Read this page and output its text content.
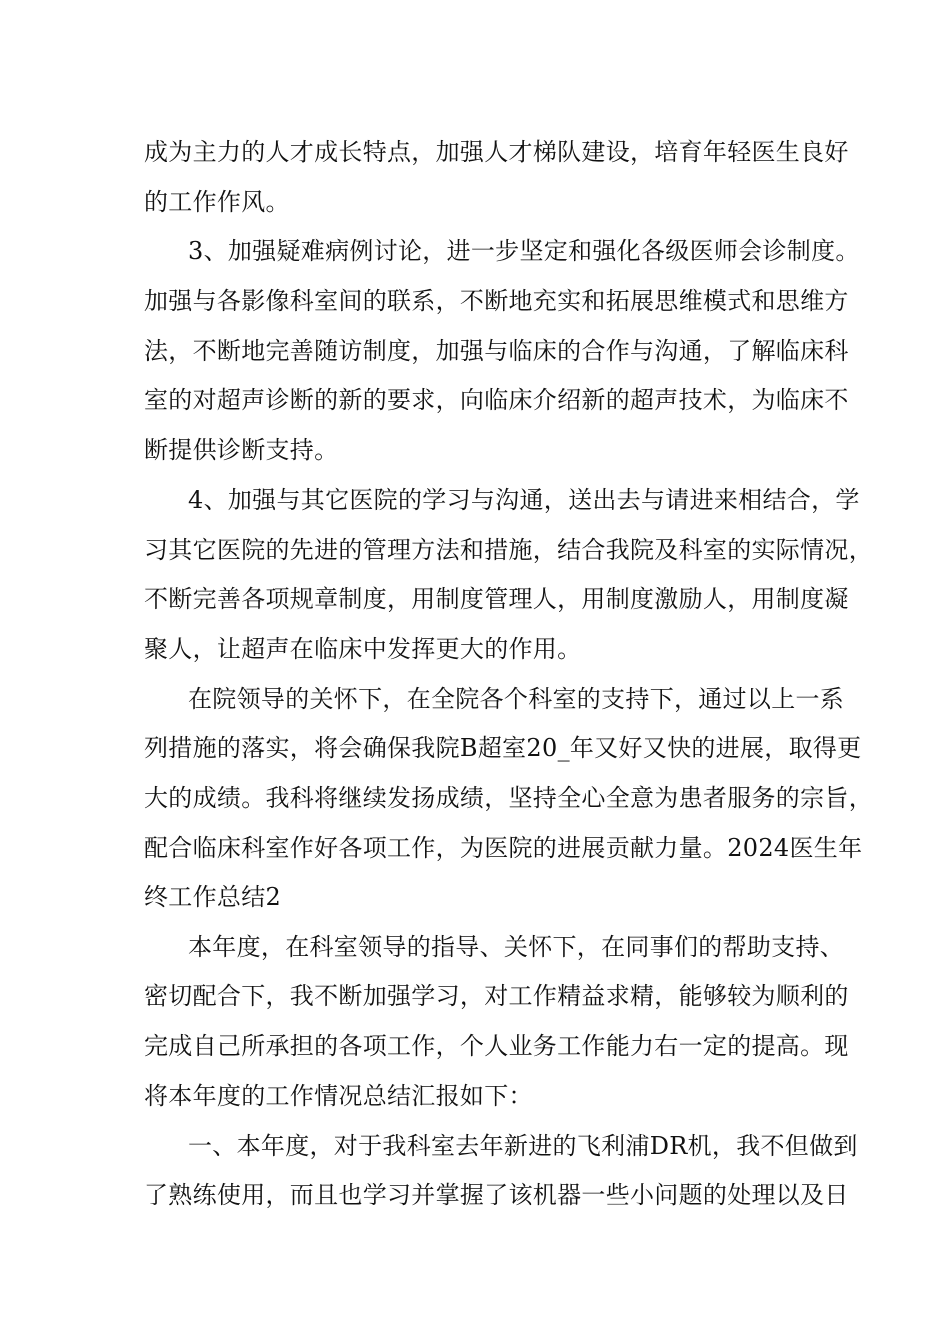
成为主力的人才成长特点，加强人才梯队建设，培育年轻医生良好

的工作作风。

3、加强疑难病例讨论，进一步坚定和强化各级医师会诊制度。

加强与各影像科室间的联系，不断地充实和拓展思维模式和思维方

法，不断地完善随访制度，加强与临床的合作与沟通，了解临床科

室的对超声诊断的新的要求，向临床介绍新的超声技术，为临床不

断提供诊断支持。

4、加强与其它医院的学习与沟通，送出去与请进来相结合，学

习其它医院的先进的管理方法和措施，结合我院及科室的实际情况，

不断完善各项规章制度，用制度管理人，用制度激励人，用制度凝

聚人，让超声在临床中发挥更大的作用。

在院领导的关怀下，在全院各个科室的支持下，通过以上一系

列措施的落实，将会确保我院B超室20_年又好又快的进展，取得更

大的成绩。我科将继续发扬成绩，坚持全心全意为患者服务的宗旨，

配合临床科室作好各项工作，为医院的进展贡献力量。2024医生年

终工作总结2

本年度，在科室领导的指导、关怀下，在同事们的帮助支持、

密切配合下，我不断加强学习，对工作精益求精，能够较为顺利的

完成自己所承担的各项工作，个人业务工作能力右一定的提高。现

将本年度的工作情况总结汇报如下：

一、本年度，对于我科室去年新进的飞利浦DR机，我不但做到

了熟练使用，而且也学习并掌握了该机器一些小问题的处理以及日
